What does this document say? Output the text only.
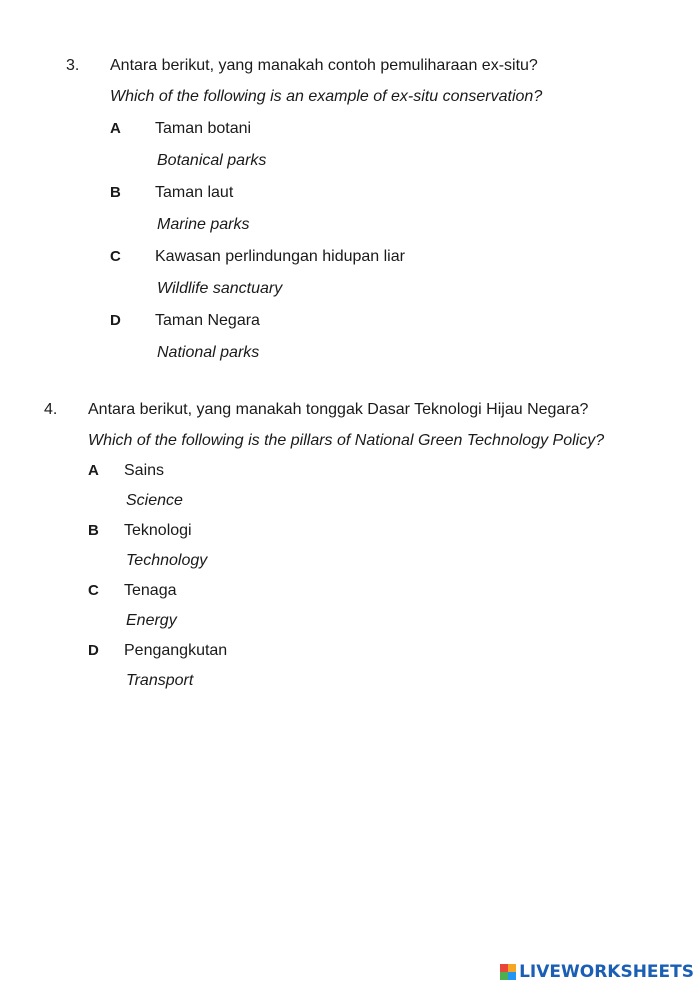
3. Antara berikut, yang manakah contoh pemuliharaan ex-situ?
Which of the following is an example of ex-situ conservation?
A Taman botani
Botanical parks
B Taman laut
Marine parks
C Kawasan perlindungan hidupan liar
Wildlife sanctuary
D Taman Negara
National parks
4. Antara berikut, yang manakah tonggak Dasar Teknologi Hijau Negara?
Which of the following is the pillars of National Green Technology Policy?
A Sains
Science
B Teknologi
Technology
C Tenaga
Energy
D Pengangkutan
Transport
LIVEWORKSHEETS
